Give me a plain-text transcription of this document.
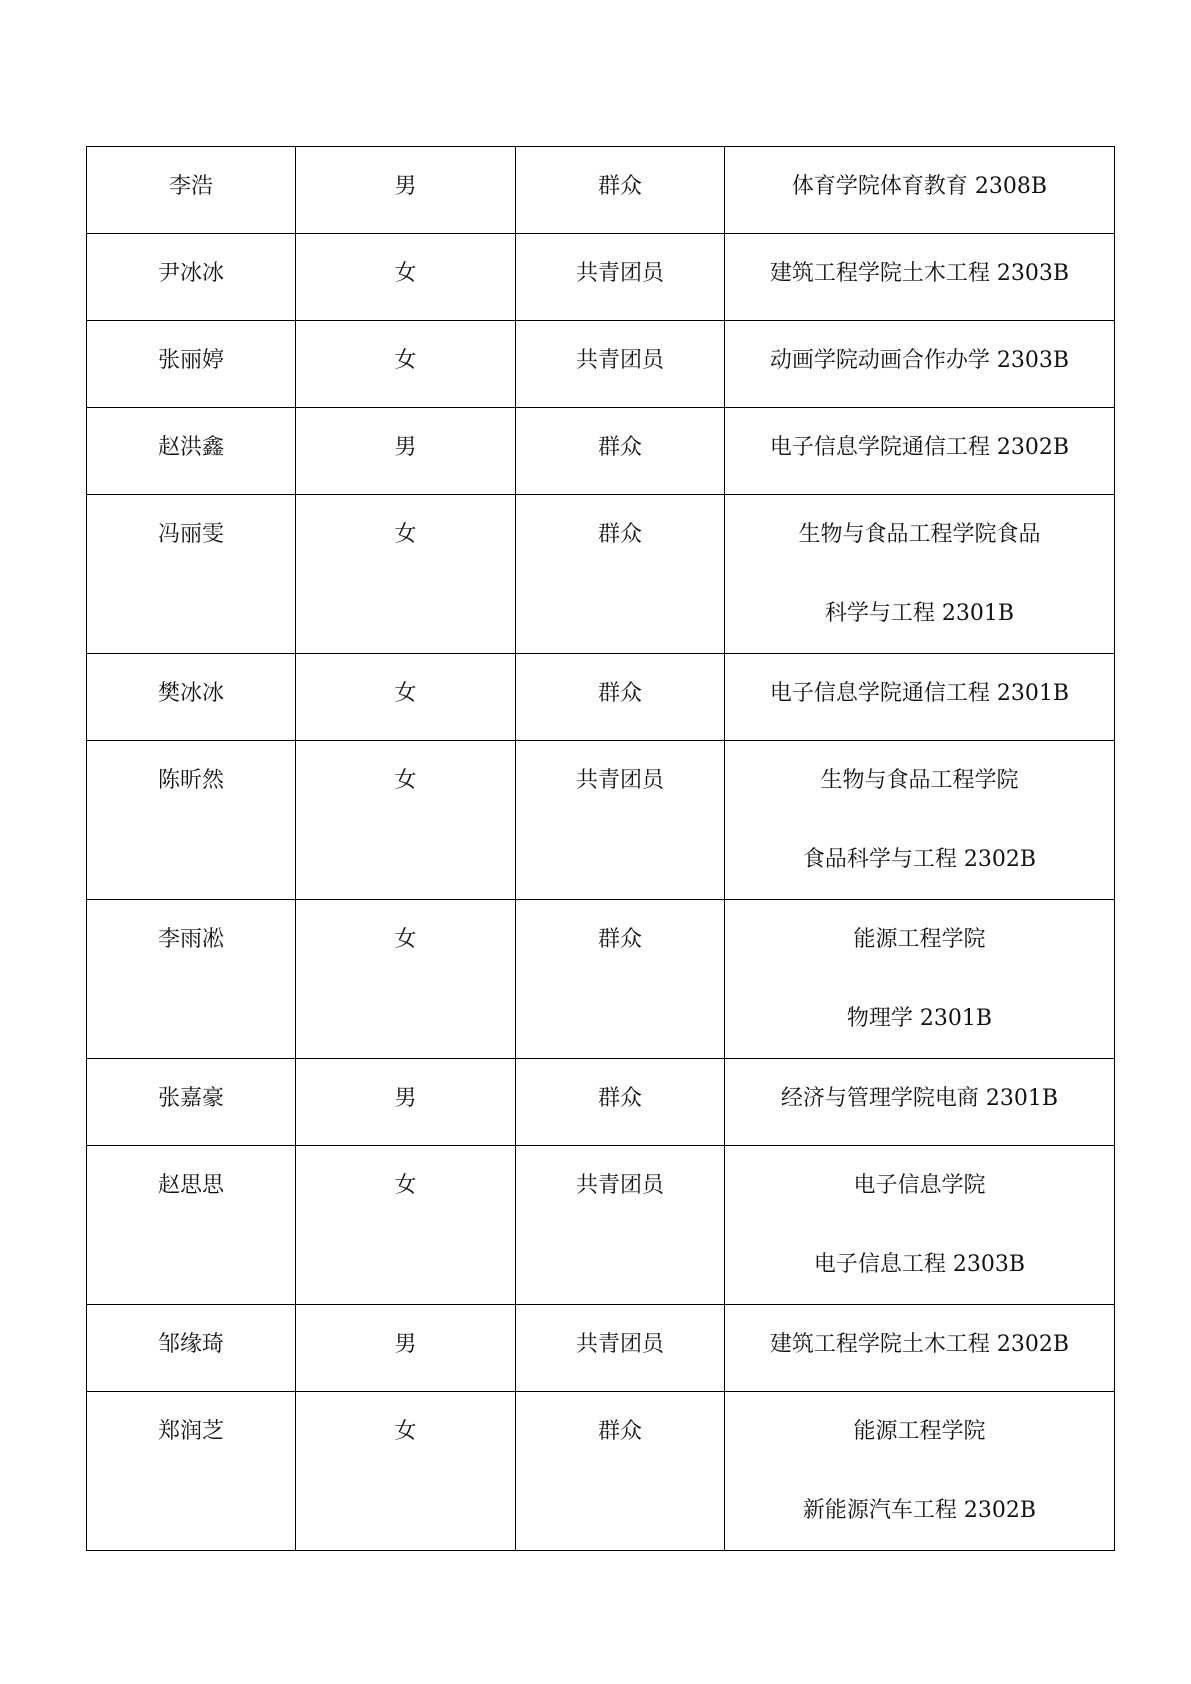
李浩	男	群众	体育学院体育教育 2308B

尹冰冰	女	共青团员	建筑工程学院土木工程 2303B

张丽婷	女	共青团员	动画学院动画合作办学 2303B

赵洪鑫	男	群众	电子信息学院通信工程 2302B

冯丽雯	女	群众	生物与食品工程学院食品
科学与工程 2301B

樊冰冰	女	群众	电子信息学院通信工程 2301B

陈昕然	女	共青团员	生物与食品工程学院
食品科学与工程 2302B

李雨凇	女	群众	能源工程学院
物理学 2301B

张嘉豪	男	群众	经济与管理学院电商 2301B

赵思思	女	共青团员	电子信息学院
电子信息工程 2303B

邹缘琦	男	共青团员	建筑工程学院土木工程 2302B

郑润芝	女	群众	能源工程学院
新能源汽车工程 2302B
